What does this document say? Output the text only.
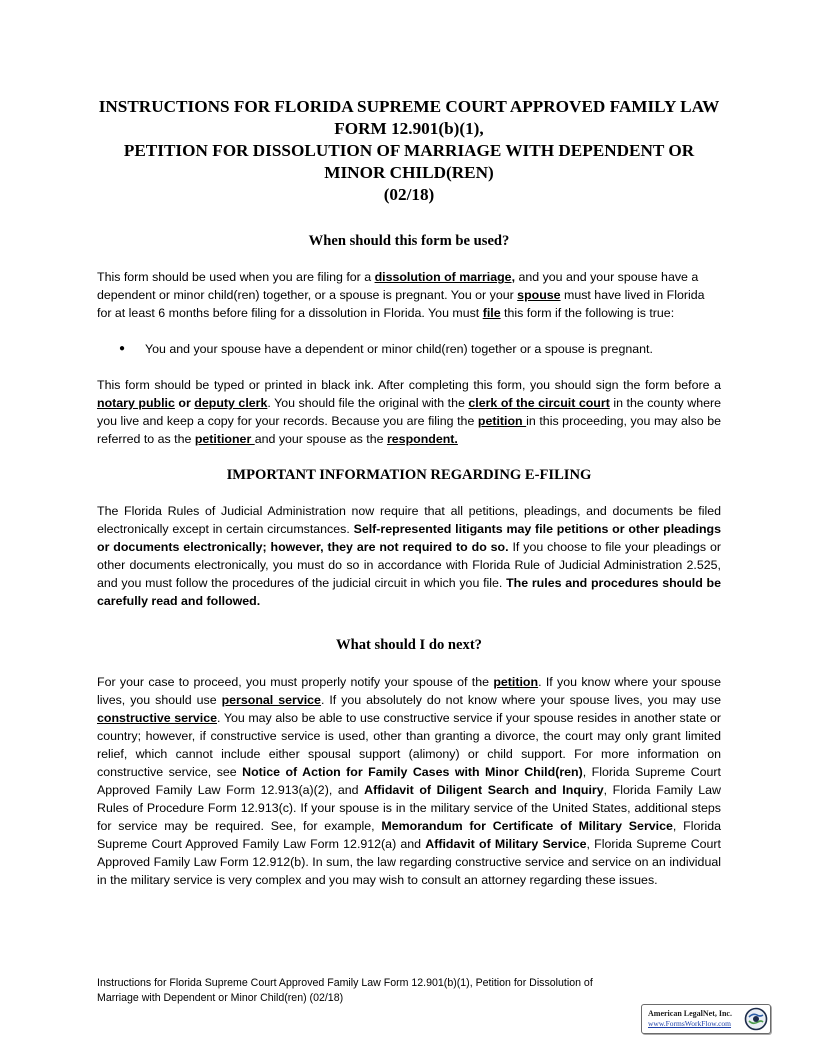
INSTRUCTIONS FOR FLORIDA SUPREME COURT APPROVED FAMILY LAW
FORM 12.901(b)(1),
PETITION FOR DISSOLUTION OF MARRIAGE WITH DEPENDENT OR
MINOR CHILD(REN)
(02/18)
When should this form be used?

This form should be used when you are filing for a dissolution of marriage, and you and your spouse have a dependent or minor child(ren) together, or a spouse is pregnant. You or your spouse must have lived in Florida for at least 6 months before filing for a dissolution in Florida. You must file this form if the following is true:

● You and your spouse have a dependent or minor child(ren) together or a spouse is pregnant.

This form should be typed or printed in black ink. After completing this form, you should sign the form before a notary public or deputy clerk. You should file the original with the clerk of the circuit court in the county where you live and keep a copy for your records. Because you are filing the petition in this proceeding, you may also be referred to as the petitioner and your spouse as the respondent.

IMPORTANT INFORMATION REGARDING E-FILING

The Florida Rules of Judicial Administration now require that all petitions, pleadings, and documents be filed electronically except in certain circumstances. Self-represented litigants may file petitions or other pleadings or documents electronically; however, they are not required to do so. If you choose to file your pleadings or other documents electronically, you must do so in accordance with Florida Rule of Judicial Administration 2.525, and you must follow the procedures of the judicial circuit in which you file. The rules and procedures should be carefully read and followed.

What should I do next?

For your case to proceed, you must properly notify your spouse of the petition. If you know where your spouse lives, you should use personal service. If you absolutely do not know where your spouse lives, you may use constructive service. You may also be able to use constructive service if your spouse resides in another state or country; however, if constructive service is used, other than granting a divorce, the court may only grant limited relief, which cannot include either spousal support (alimony) or child support. For more information on constructive service, see Notice of Action for Family Cases with Minor Child(ren), Florida Supreme Court Approved Family Law Form 12.913(a)(2), and Affidavit of Diligent Search and Inquiry, Florida Family Law Rules of Procedure Form 12.913(c). If your spouse is in the military service of the United States, additional steps for service may be required. See, for example, Memorandum for Certificate of Military Service, Florida Supreme Court Approved Family Law Form 12.912(a) and Affidavit of Military Service, Florida Supreme Court Approved Family Law Form 12.912(b). In sum, the law regarding constructive service and service on an individual in the military service is very complex and you may wish to consult an attorney regarding these issues.

Instructions for Florida Supreme Court Approved Family Law Form 12.901(b)(1), Petition for Dissolution of
Marriage with Dependent or Minor Child(ren) (02/18)
American LegalNet, Inc.
www.FormsWorkFlow.com
